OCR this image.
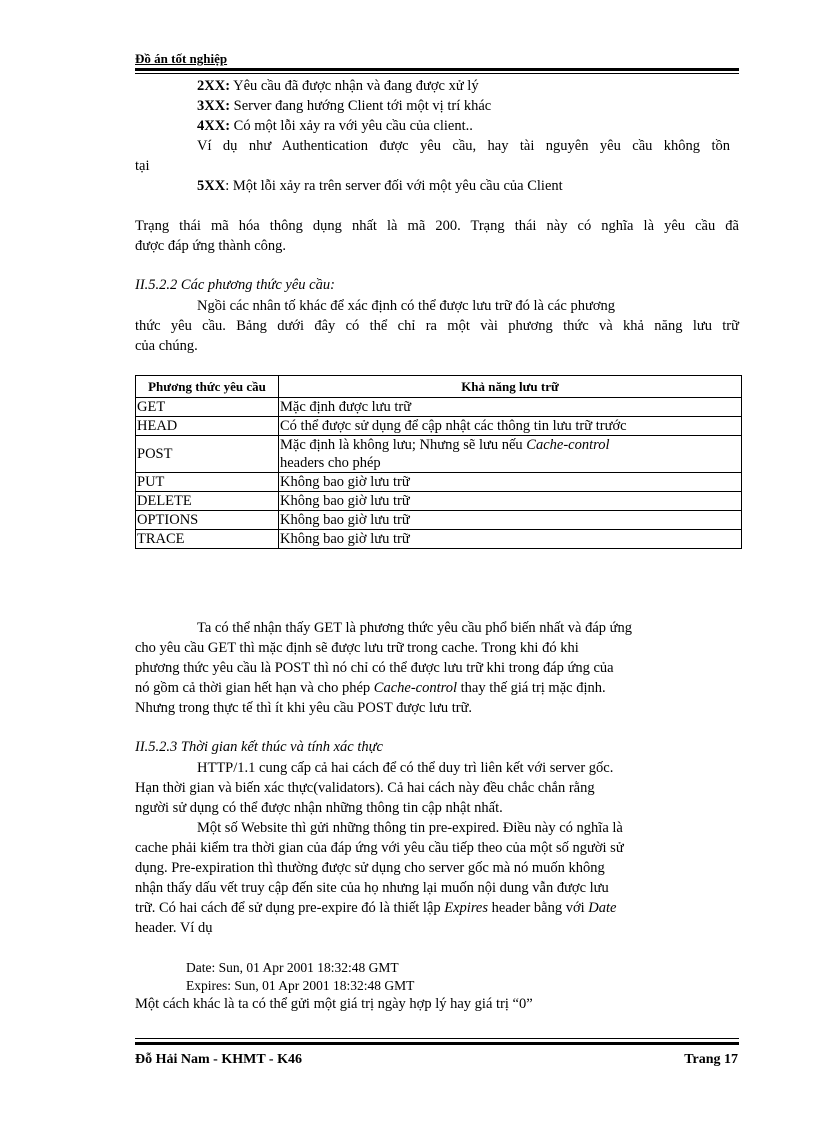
Đồ án tốt nghiệp
2XX: Yêu cầu đã được nhận và đang được xử lý
3XX: Server đang hướng Client tới một vị trí khác
4XX: Có một lỗi xảy ra với yêu cầu của client..
Ví dụ như Authentication được yêu cầu, hay tài nguyên yêu cầu không tồn
tại
5XX: Một lỗi xảy ra trên server đối với một yêu cầu của Client
Trạng thái mã hóa thông dụng nhất là mã 200. Trạng thái này có nghĩa là yêu cầu đã
được đáp ứng thành công.
II.5.2.2 Các phương thức yêu cầu:
Ngồi các nhân tố khác để xác định có thể được lưu trữ đó là các phương
thức yêu cầu. Bảng dưới đây có thể chỉ ra một vài phương thức và khả năng lưu trữ
của chúng.
Phương thức yêu cầu	Khả năng lưu trữ
GET	Mặc định được lưu trữ
HEAD	Có thể được sử dụng để cập nhật các thông tin lưu trữ trước
POST	Mặc định là không lưu; Nhưng sẽ lưu nếu Cache-control
headers cho phép
PUT	Không bao giờ lưu trữ
DELETE	Không bao giờ lưu trữ
OPTIONS	Không bao giờ lưu trữ
TRACE	Không bao giờ lưu trữ
Ta có thể nhận thấy GET là phương thức yêu cầu phổ biến nhất và đáp ứng
cho yêu cầu GET thì mặc định sẽ được lưu trữ trong cache. Trong khi đó khi
phương thức yêu cầu là POST thì nó chỉ có thể được lưu trữ khi trong đáp ứng của
nó gồm cả thời gian hết hạn và cho phép Cache-control thay thế giá trị mặc định.
Nhưng trong thực tế thì ít khi yêu cầu POST được lưu trữ.
II.5.2.3 Thời gian kết thúc và tính xác thực
HTTP/1.1 cung cấp cả hai cách để có thể duy trì liên kết với server gốc.
Hạn thời gian và biến xác thực(validators). Cả hai cách này đều chắc chắn rằng
người sử dụng có thể được nhận những thông tin cập nhật nhất.
Một số Website thì gửi những thông tin pre-expired. Điều này có nghĩa là
cache phải kiểm tra thời gian của đáp ứng với yêu cầu tiếp theo của một số người sử
dụng. Pre-expiration thì thường được sử dụng cho server gốc mà nó muốn không
nhận thấy dấu vết truy cập đến site của họ nhưng lại muốn nội dung vẫn được lưu
trữ. Có hai cách để sử dụng pre-expire đó là thiết lập Expires header bằng với Date
header. Ví dụ
Date: Sun, 01 Apr 2001 18:32:48 GMT
Expires: Sun, 01 Apr 2001 18:32:48 GMT
Một cách khác là ta có thể gửi một giá trị ngày hợp lý hay giá trị “0”
Đỗ Hải Nam - KHMT - K46	Trang 17
